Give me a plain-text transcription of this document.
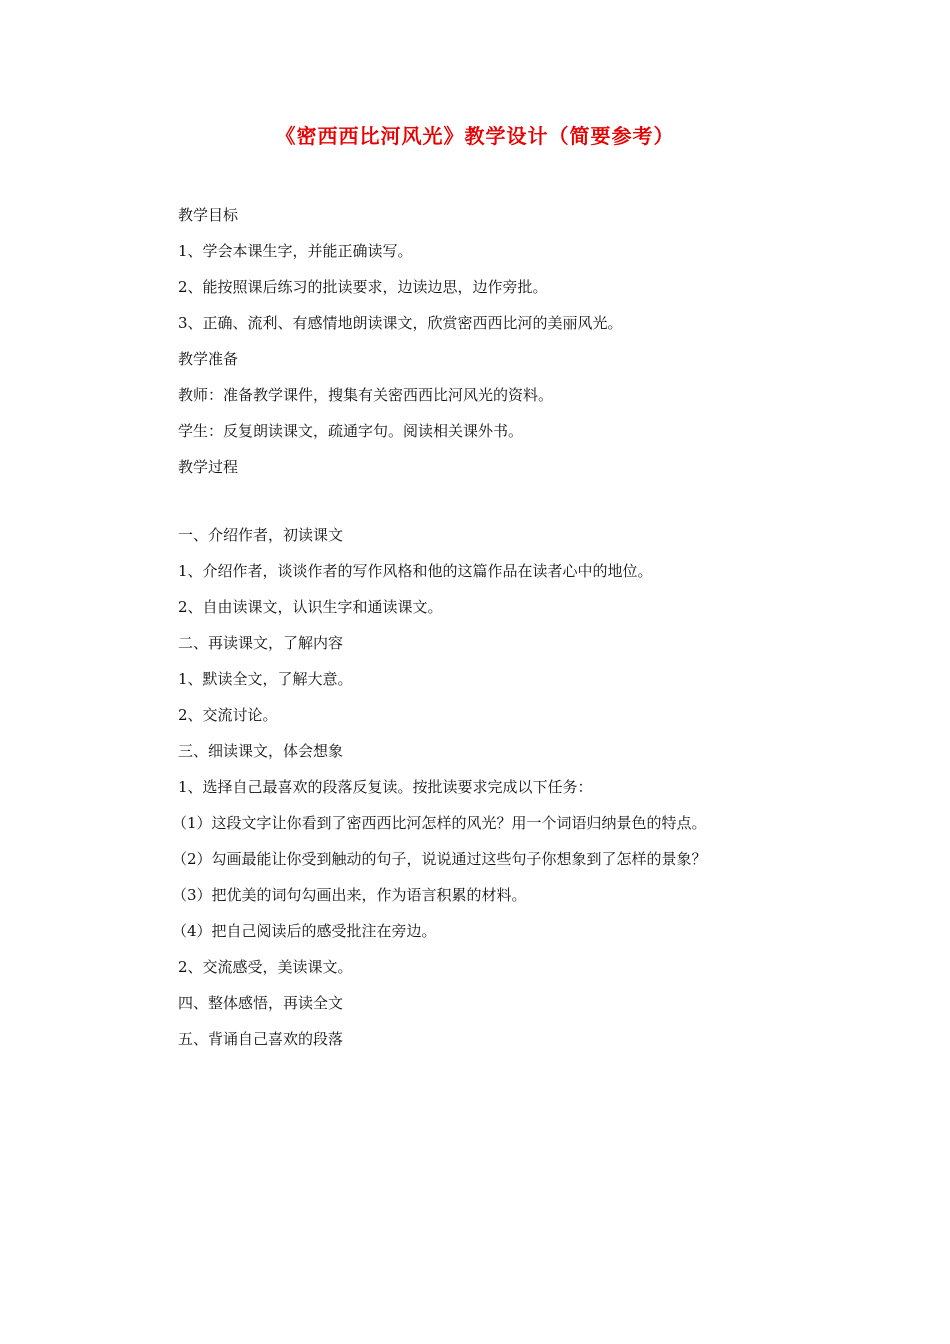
《密西西比河风光》教学设计（简要参考）
教学目标
1、学会本课生字，并能正确读写。
2、能按照课后练习的批读要求，边读边思，边作旁批。
3、正确、流利、有感情地朗读课文，欣赏密西西比河的美丽风光。
教学准备
教师：准备教学课件，搜集有关密西西比河风光的资料。
学生：反复朗读课文，疏通字句。阅读相关课外书。
教学过程
一、介绍作者，初读课文
1、介绍作者，谈谈作者的写作风格和他的这篇作品在读者心中的地位。
2、自由读课文，认识生字和通读课文。
二、再读课文，了解内容
1、默读全文，了解大意。
2、交流讨论。
三、细读课文，体会想象
1、选择自己最喜欢的段落反复读。按批读要求完成以下任务：
（1）这段文字让你看到了密西西比河怎样的风光？用一个词语归纳景色的特点。
（2）勾画最能让你受到触动的句子，说说通过这些句子你想象到了怎样的景象？
（3）把优美的词句勾画出来，作为语言积累的材料。
（4）把自己阅读后的感受批注在旁边。
2、交流感受，美读课文。
四、整体感悟，再读全文
五、背诵自己喜欢的段落
